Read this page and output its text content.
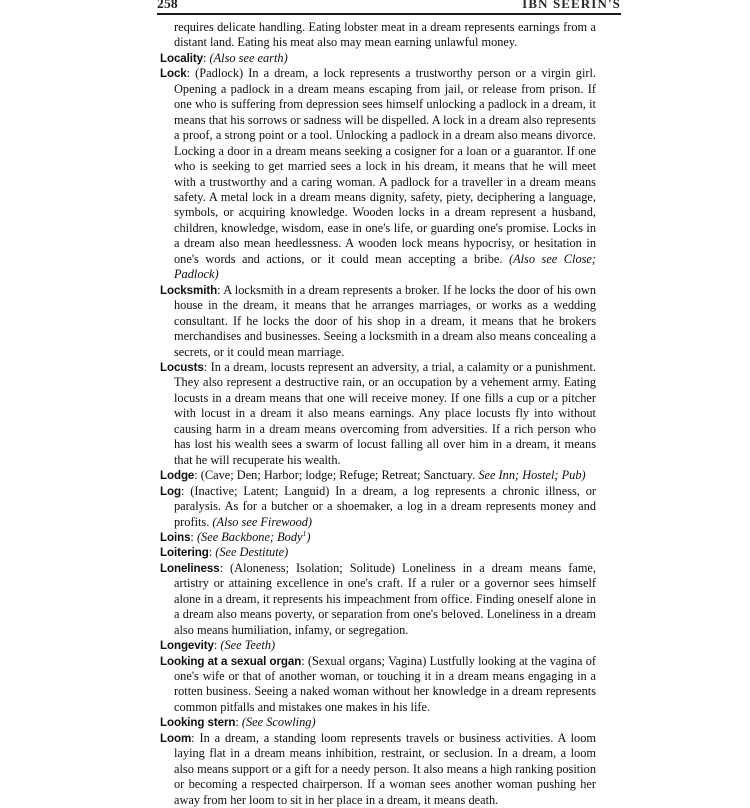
258	IBN SEERIN'S

requires delicate handling. Eating lobster meat in a dream represents earnings from a distant land. Eating his meat also may mean earning unlawful money.

Locality: (Also see earth)

Lock: (Padlock) In a dream, a lock represents a trustworthy person or a virgin girl. Opening a padlock in a dream means escaping from jail, or release from prison. If one who is suffering from depression sees himself unlocking a padlock in a dream, it means that his sorrows or sadness will be dispelled. A lock in a dream also represents a proof, a strong point or a tool. Unlocking a padlock in a dream also means divorce. Locking a door in a dream means seeking a cosigner for a loan or a guarantor. If one who is seeking to get married sees a lock in his dream, it means that he will meet with a trustworthy and a caring woman. A padlock for a traveller in a dream means safety. A metal lock in a dream means dignity, safety, piety, deciphering a language, symbols, or acquiring knowledge. Wooden locks in a dream represent a husband, children, knowledge, wisdom, ease in one's life, or guarding one's promise. Locks in a dream also mean heedlessness. A wooden lock means hypocrisy, or hesitation in one's words and actions, or it could mean accepting a bribe. (Also see Close; Padlock)

Locksmith: A locksmith in a dream represents a broker. If he locks the door of his own house in the dream, it means that he arranges marriages, or works as a wedding consultant. If he locks the door of his shop in a dream, it means that he brokers merchandises and businesses. Seeing a locksmith in a dream also means concealing a secrets, or it could mean marriage.

Locusts: In a dream, locusts represent an adversity, a trial, a calamity or a punishment. They also represent a destructive rain, or an occupation by a vehement army. Eating locusts in a dream means that one will receive money. If one fills a cup or a pitcher with locust in a dream it also means earnings. Any place locusts fly into without causing harm in a dream means overcoming from adversities. If a rich person who has lost his wealth sees a swarm of locust falling all over him in a dream, it means that he will recuperate his wealth.

Lodge: (Cave; Den; Harbor; lodge; Refuge; Retreat; Sanctuary. See Inn; Hostel; Pub)

Log: (Inactive; Latent; Languid) In a dream, a log represents a chronic illness, or paralysis. As for a butcher or a shoemaker, a log in a dream represents money and profits. (Also see Firewood)

Loins: (See Backbone; Body$^1$)

Loitering: (See Destitute)

Loneliness: (Aloneness; Isolation; Solitude) Loneliness in a dream means fame, artistry or attaining excellence in one's craft. If a ruler or a governor sees himself alone in a dream, it represents his impeachment from office. Finding oneself alone in a dream also means poverty, or separation from one's beloved. Loneliness in a dream also means humiliation, infamy, or segregation.

Longevity: (See Teeth)

Looking at a sexual organ: (Sexual organs; Vagina) Lustfully looking at the vagina of one's wife or that of another woman, or touching it in a dream means engaging in a rotten business. Seeing a naked woman without her knowledge in a dream represents common pitfalls and mistakes one makes in his life.

Looking stern: (See Scowling)

Loom: In a dream, a standing loom represents travels or business activities. A loom laying flat in a dream means inhibition, restraint, or seclusion. In a dream, a loom also means support or a gift for a needy person. It also means a high ranking position or becoming a respected chairperson. If a woman sees another woman pushing her away from her loom to sit in her place in a dream, it means death.
